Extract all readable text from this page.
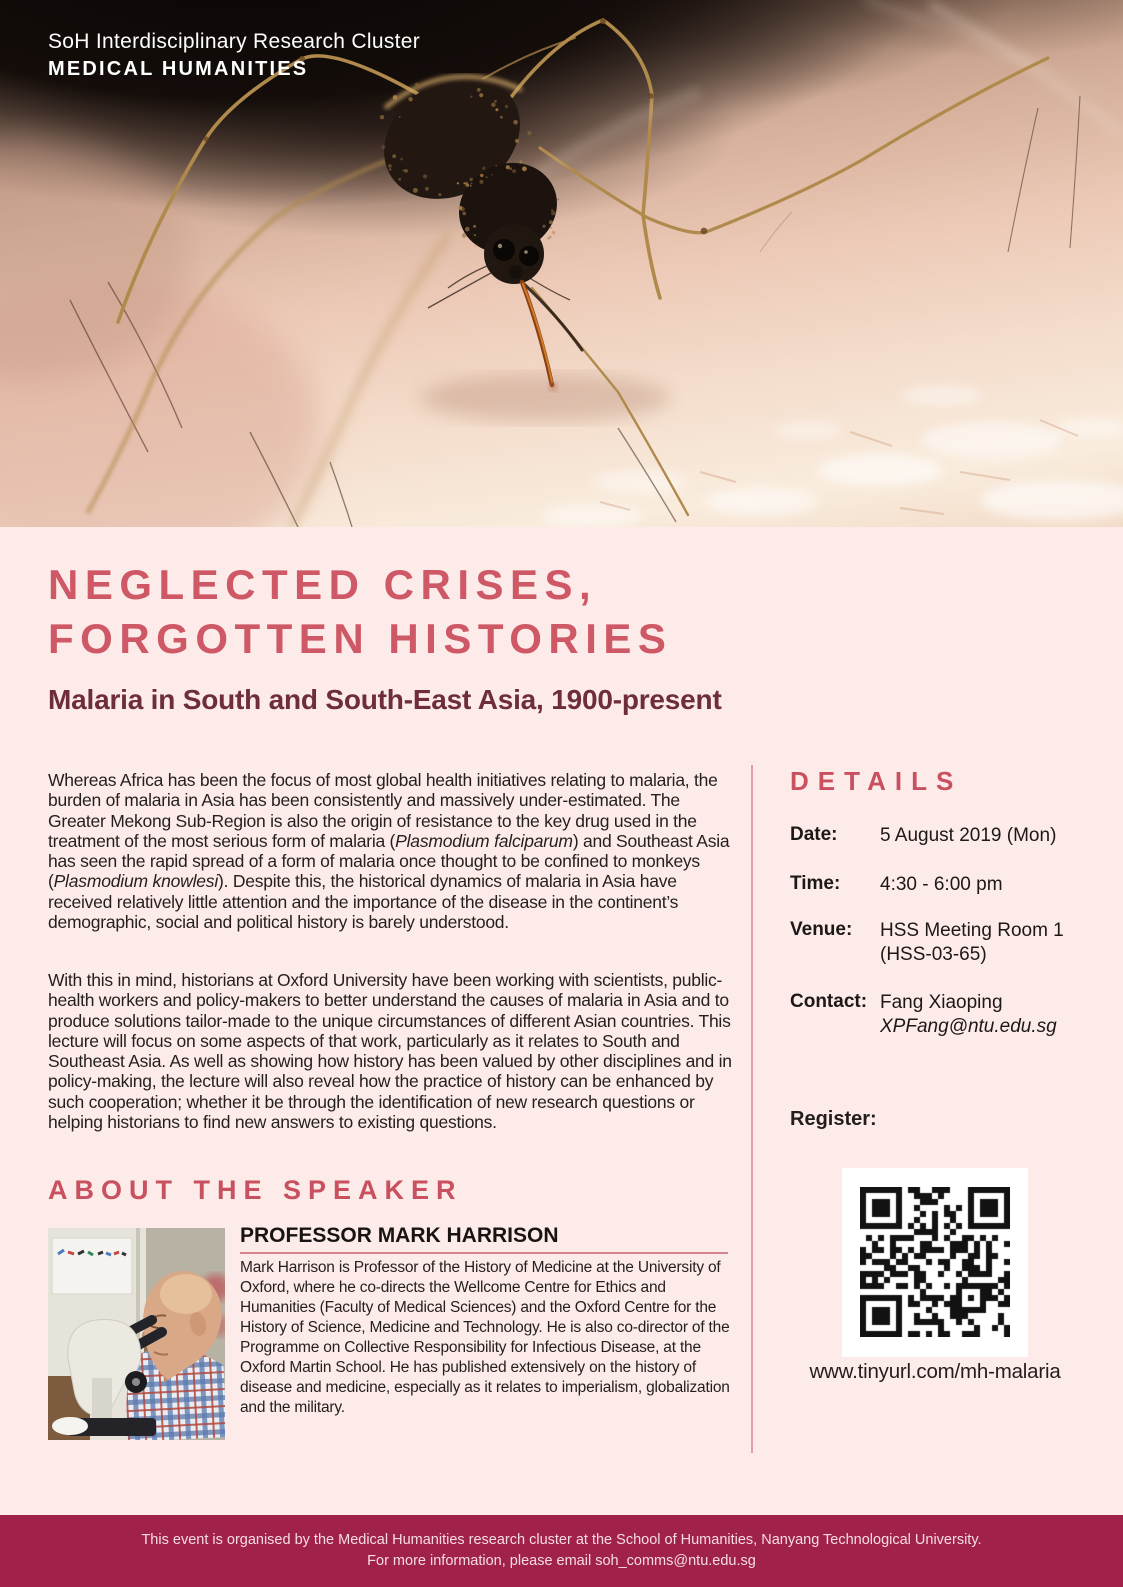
SoH Interdisciplinary Research Cluster
MEDICAL HUMANITIES
NEGLECTED CRISES,
FORGOTTEN HISTORIES
Malaria in South and South-East Asia, 1900-present
Whereas Africa has been the focus of most global health initiatives relating to malaria, the burden of malaria in Asia has been consistently and massively under-estimated. The Greater Mekong Sub-Region is also the origin of resistance to the key drug used in the treatment of the most serious form of malaria (Plasmodium falciparum) and Southeast Asia has seen the rapid spread of a form of malaria once thought to be confined to monkeys (Plasmodium knowlesi). Despite this, the historical dynamics of malaria in Asia have received relatively little attention and the importance of the disease in the continent’s demographic, social and political history is barely understood.
With this in mind, historians at Oxford University have been working with scientists, public-health workers and policy-makers to better understand the causes of malaria in Asia and to produce solutions tailor-made to the unique circumstances of different Asian countries. This lecture will focus on some aspects of that work, particularly as it relates to South and Southeast Asia. As well as showing how history has been valued by other disciplines and in policy-making, the lecture will also reveal how the practice of history can be enhanced by such cooperation; whether it be through the identification of new research questions or helping historians to find new answers to existing questions.
DETAILS
Date: 5 August 2019 (Mon)
Time: 4:30 - 6:00 pm
Venue: HSS Meeting Room 1
(HSS-03-65)
Contact: Fang Xiaoping
XPFang@ntu.edu.sg
Register:
www.tinyurl.com/mh-malaria
ABOUT THE SPEAKER
PROFESSOR MARK HARRISON
Mark Harrison is Professor of the History of Medicine at the University of Oxford, where he co-directs the Wellcome Centre for Ethics and Humanities (Faculty of Medical Sciences) and the Oxford Centre for the History of Science, Medicine and Technology. He is also co-director of the Programme on Collective Responsibility for Infectious Disease, at the Oxford Martin School. He has published extensively on the history of disease and medicine, especially as it relates to imperialism, globalization and the military.
This event is organised by the Medical Humanities research cluster at the School of Humanities, Nanyang Technological University.
For more information, please email soh_comms@ntu.edu.sg
